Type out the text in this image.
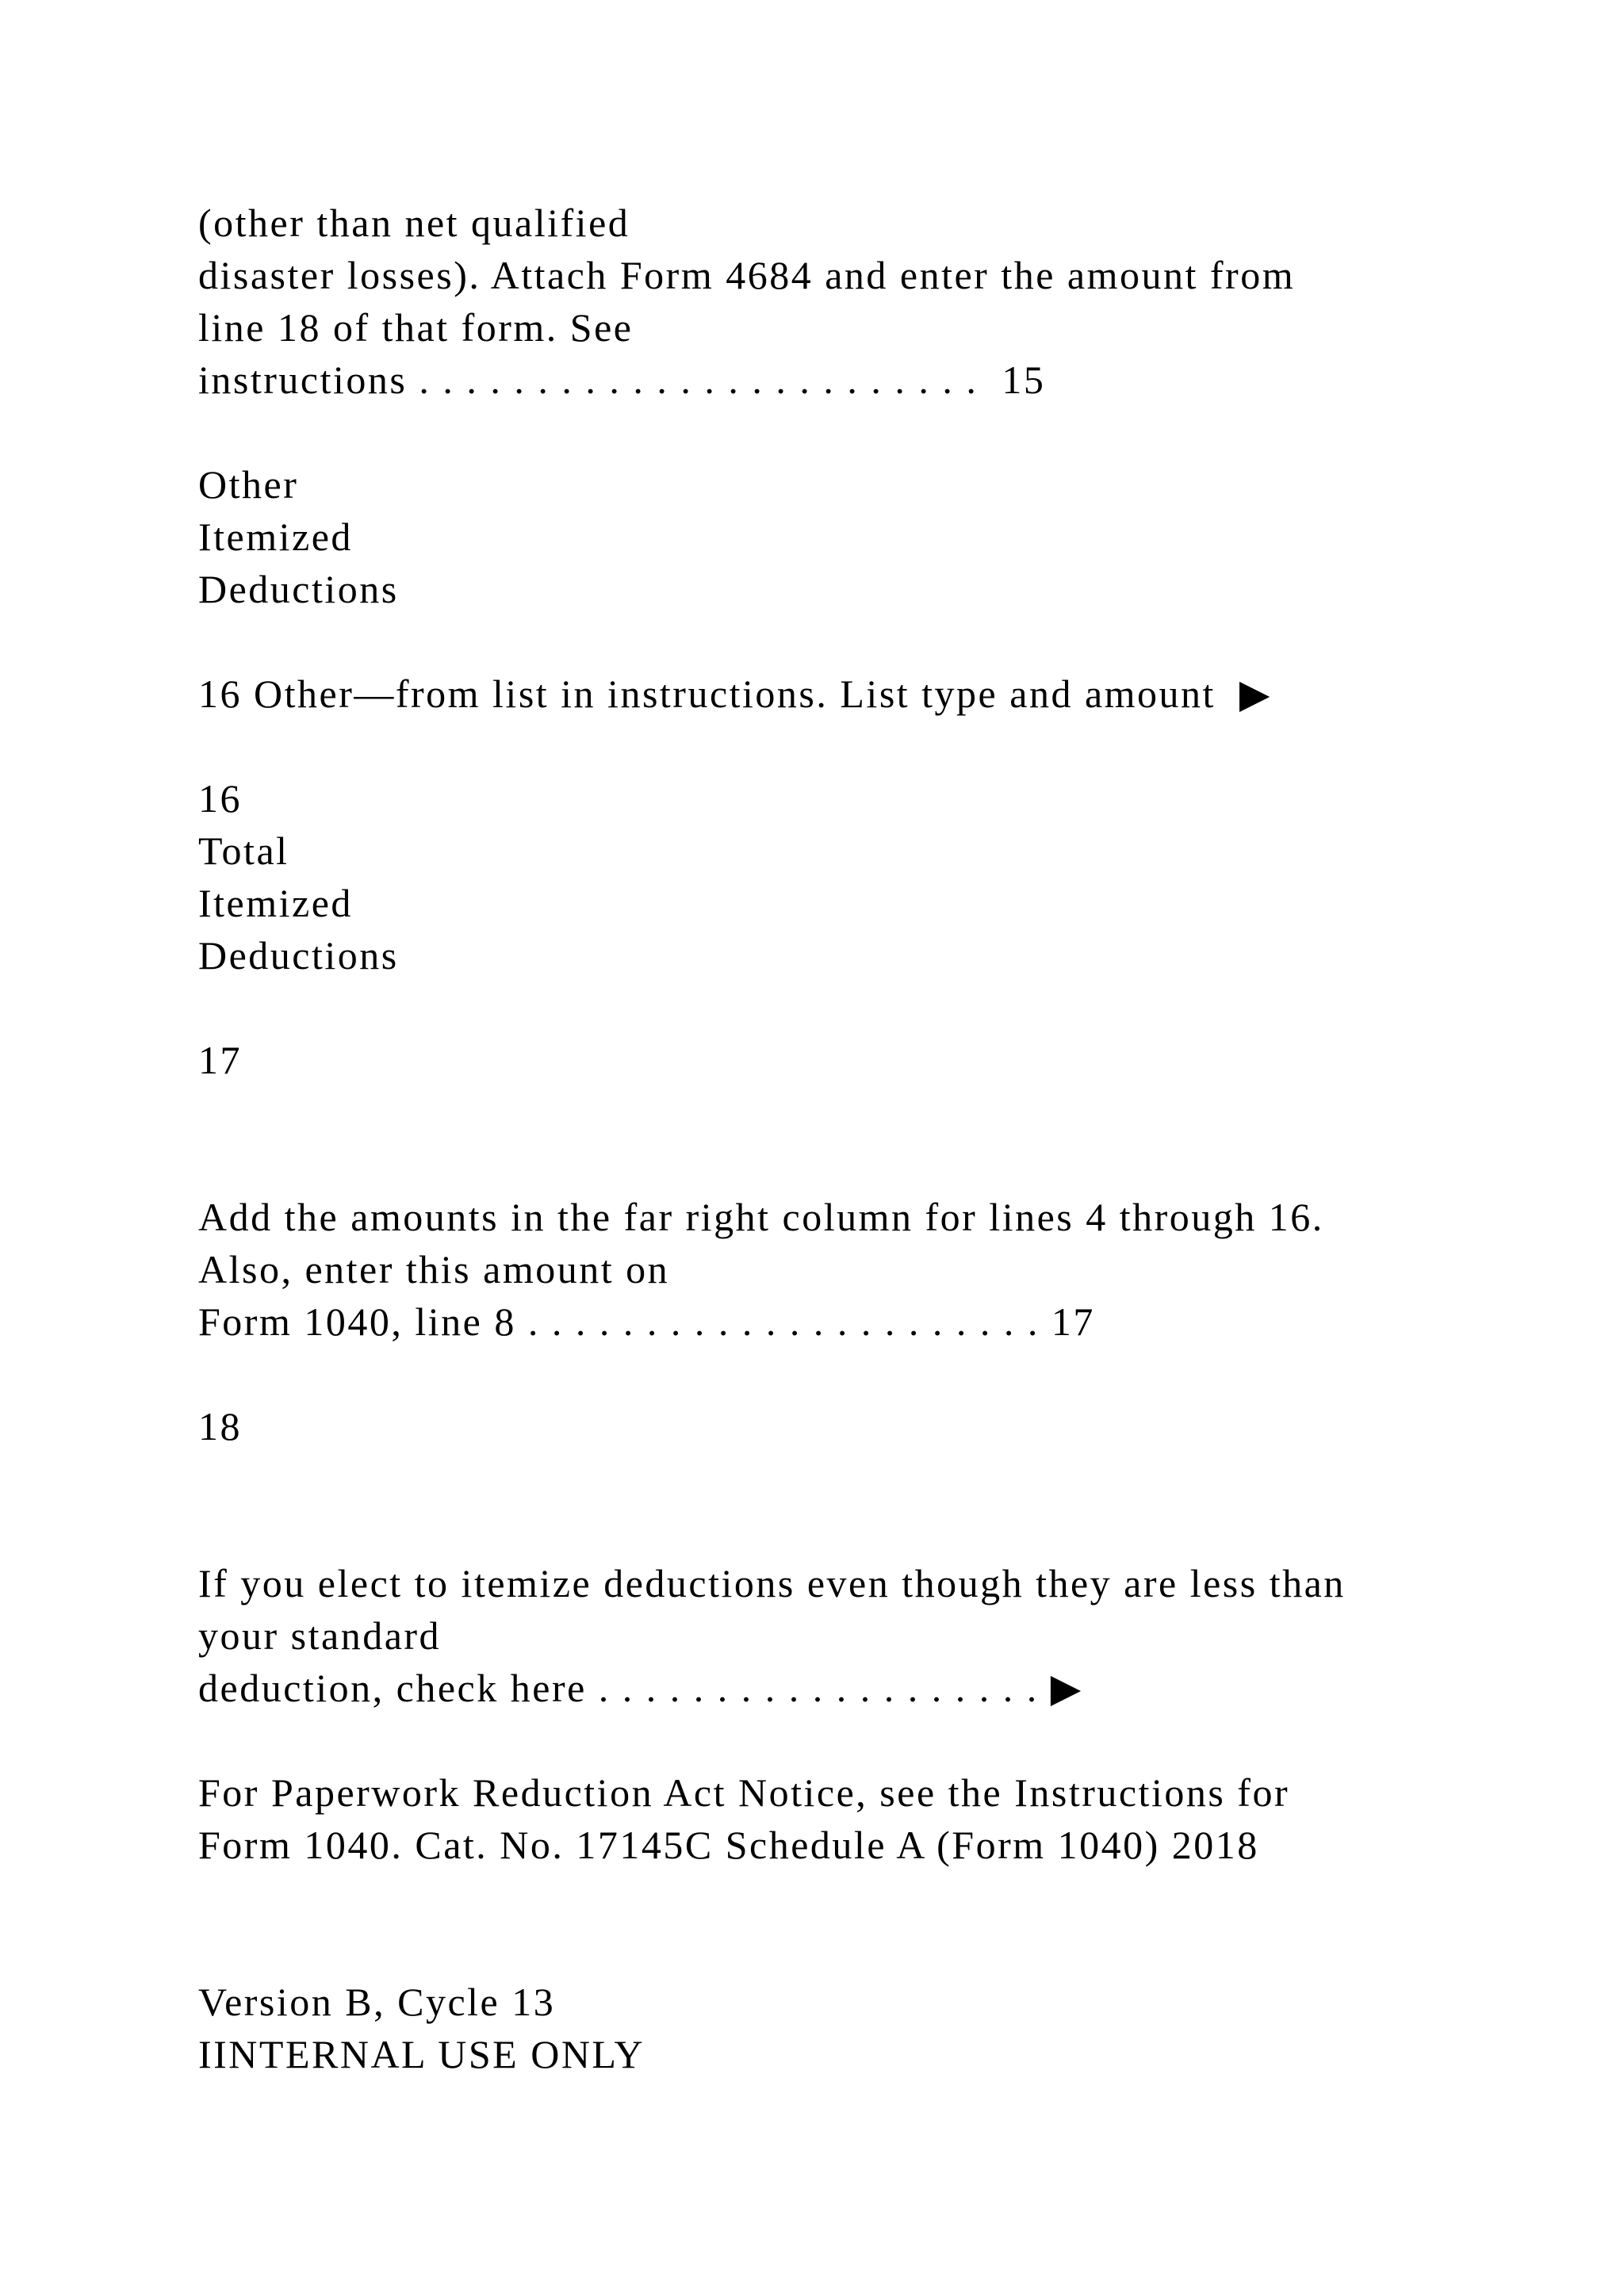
(other than net qualified
disaster losses). Attach Form 4684 and enter the amount from
line 18 of that form. See
instructions . . . . . . . . . . . . . . . . . . . . . . . .  15
Other
Itemized
Deductions
16 Other—from list in instructions. List type and amount  ▶
16
Total
Itemized
Deductions
17
Add the amounts in the far right column for lines 4 through 16.
Also, enter this amount on
Form 1040, line 8 . . . . . . . . . . . . . . . . . . . . . . 17
18
If you elect to itemize deductions even though they are less than
your standard
deduction, check here . . . . . . . . . . . . . . . . . . . ▶
For Paperwork Reduction Act Notice, see the Instructions for
Form 1040. Cat. No. 17145C Schedule A (Form 1040) 2018
Version B, Cycle 13
IINTERNAL USE ONLY
